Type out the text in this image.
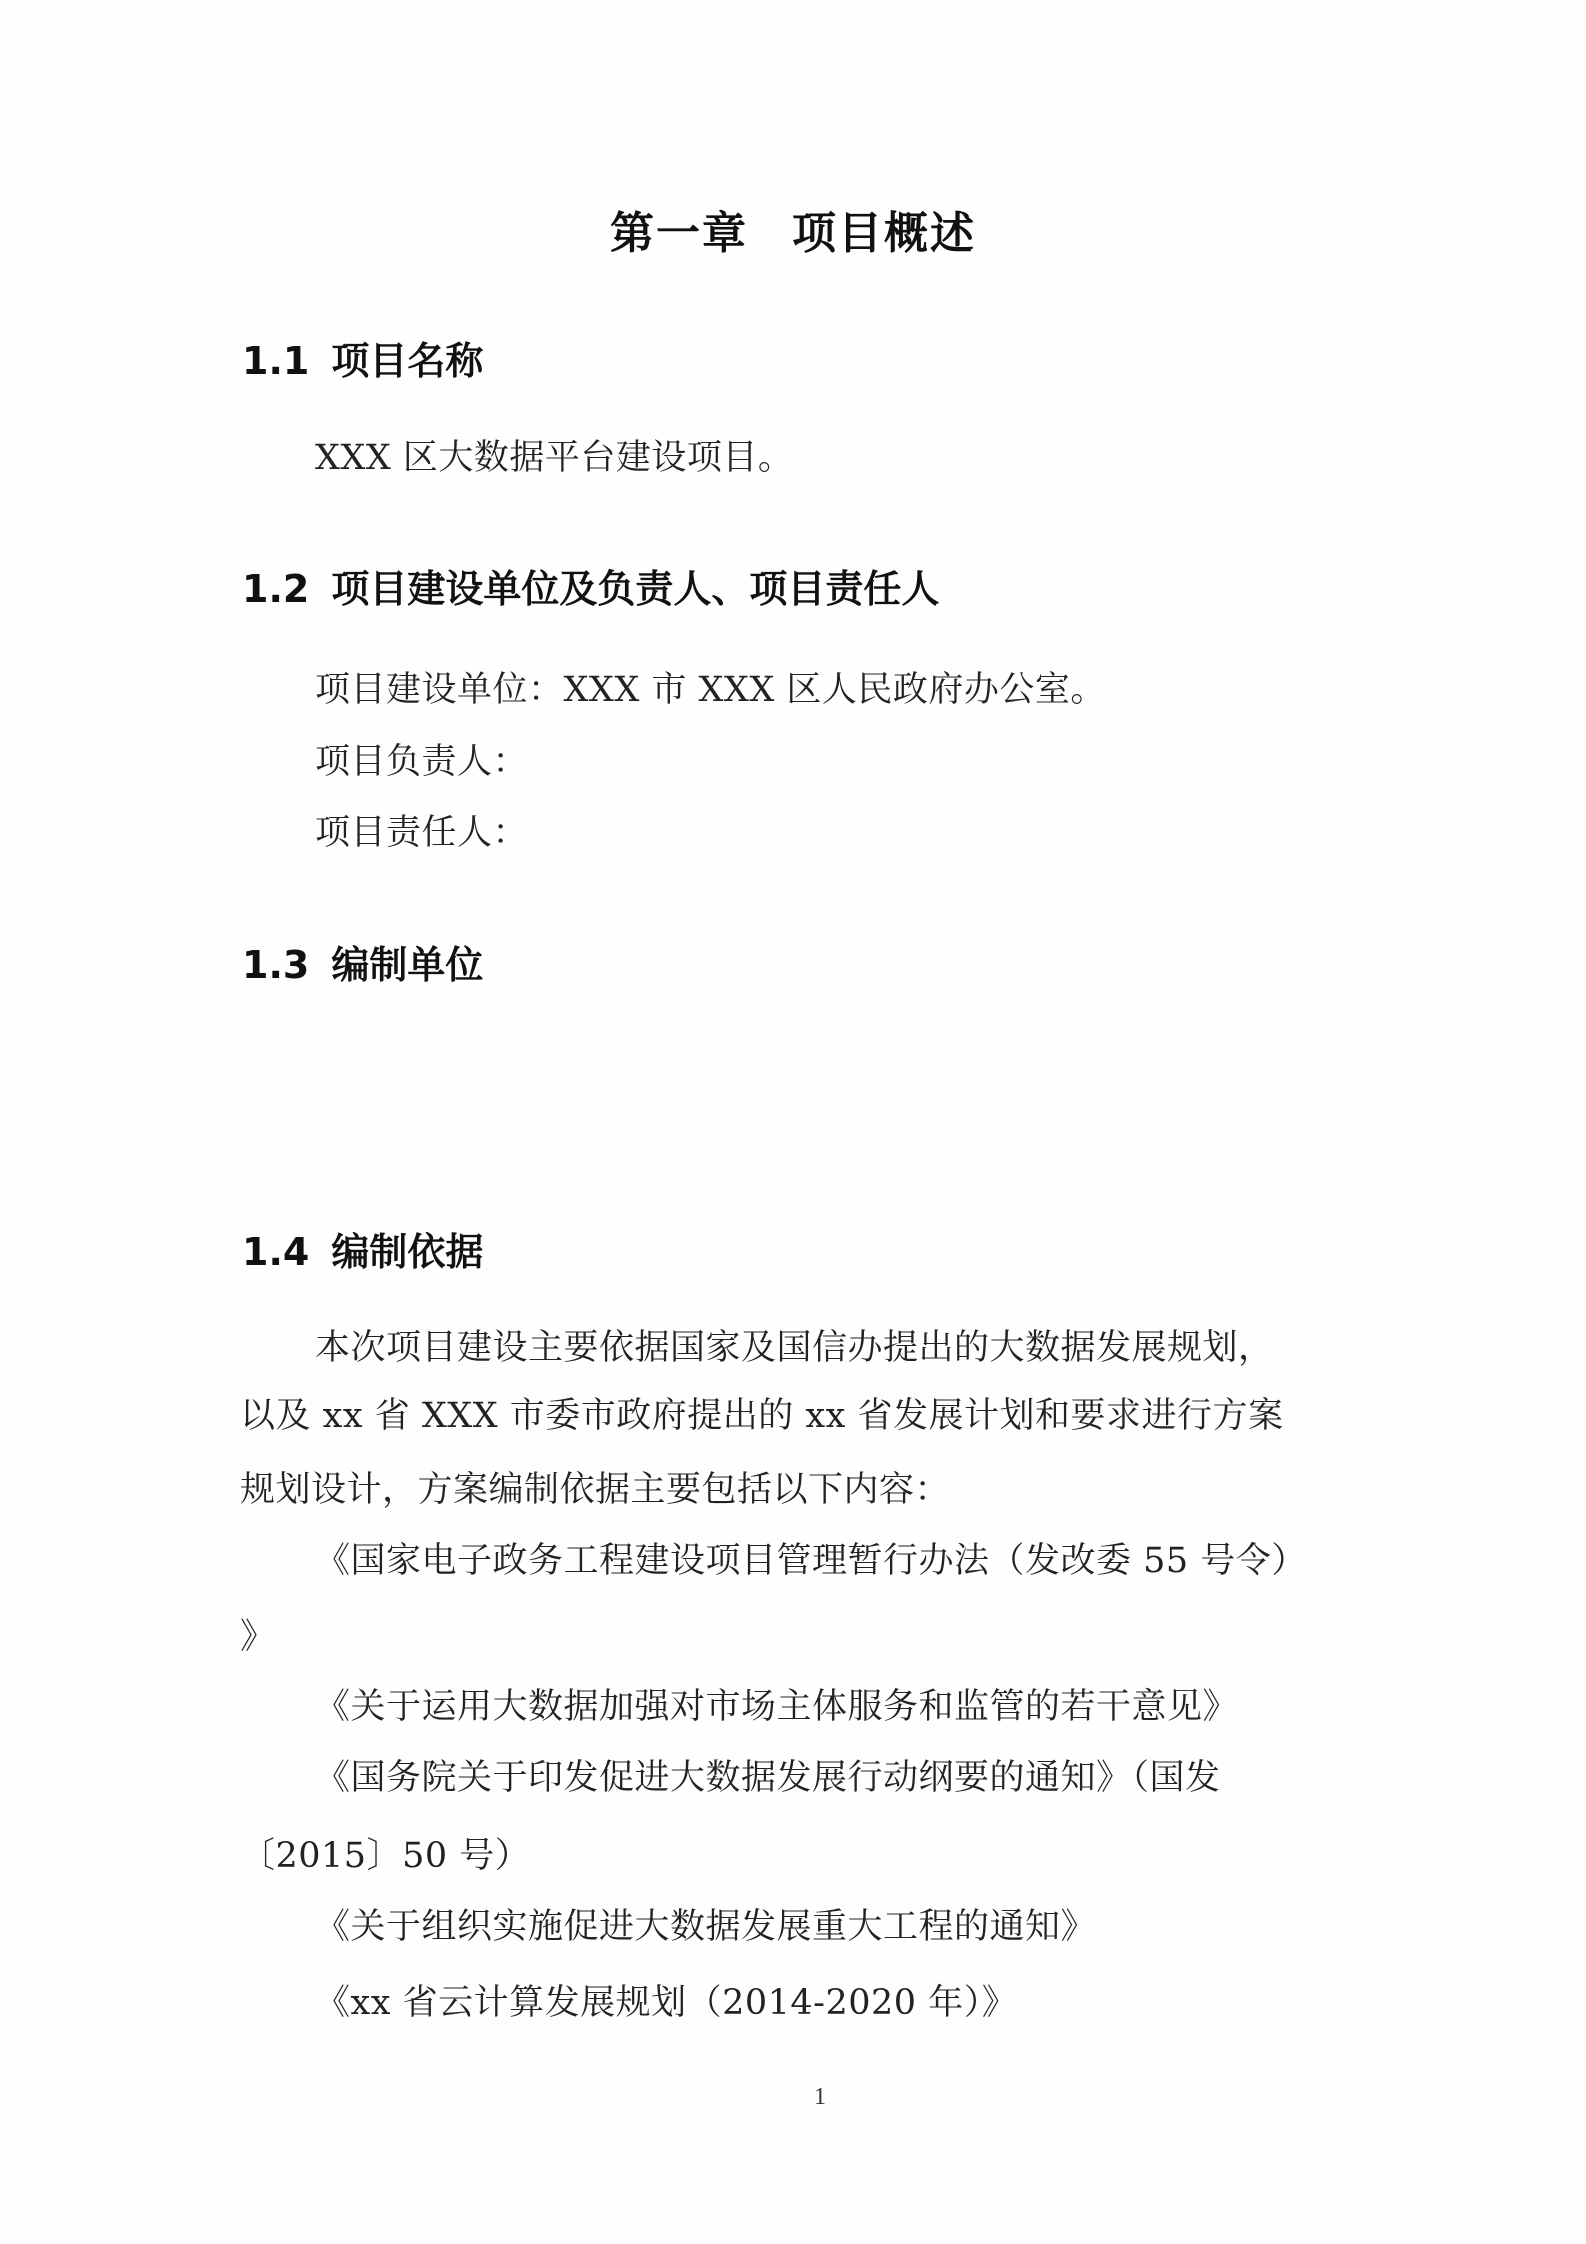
第一章 项目概述
1.1 项目名称
XXX 区大数据平台建设项目。
1.2 项目建设单位及负责人、项目责任人
项目建设单位：XXX 市 XXX 区人民政府办公室。
项目负责人：
项目责任人：
1.3 编制单位
1.4 编制依据
本次项目建设主要依据国家及国信办提出的大数据发展规划，
以及 xx 省 XXX 市委市政府提出的 xx 省发展计划和要求进行方案
规划设计，方案编制依据主要包括以下内容：
《国家电子政务工程建设项目管理暂行办法（发改委 55 号令）
》
《关于运用大数据加强对市场主体服务和监管的若干意见》
《国务院关于印发促进大数据发展行动纲要的通知》（国发
〔2015〕50 号）
《关于组织实施促进大数据发展重大工程的通知》
《xx 省云计算发展规划（2014-2020 年）》
1
